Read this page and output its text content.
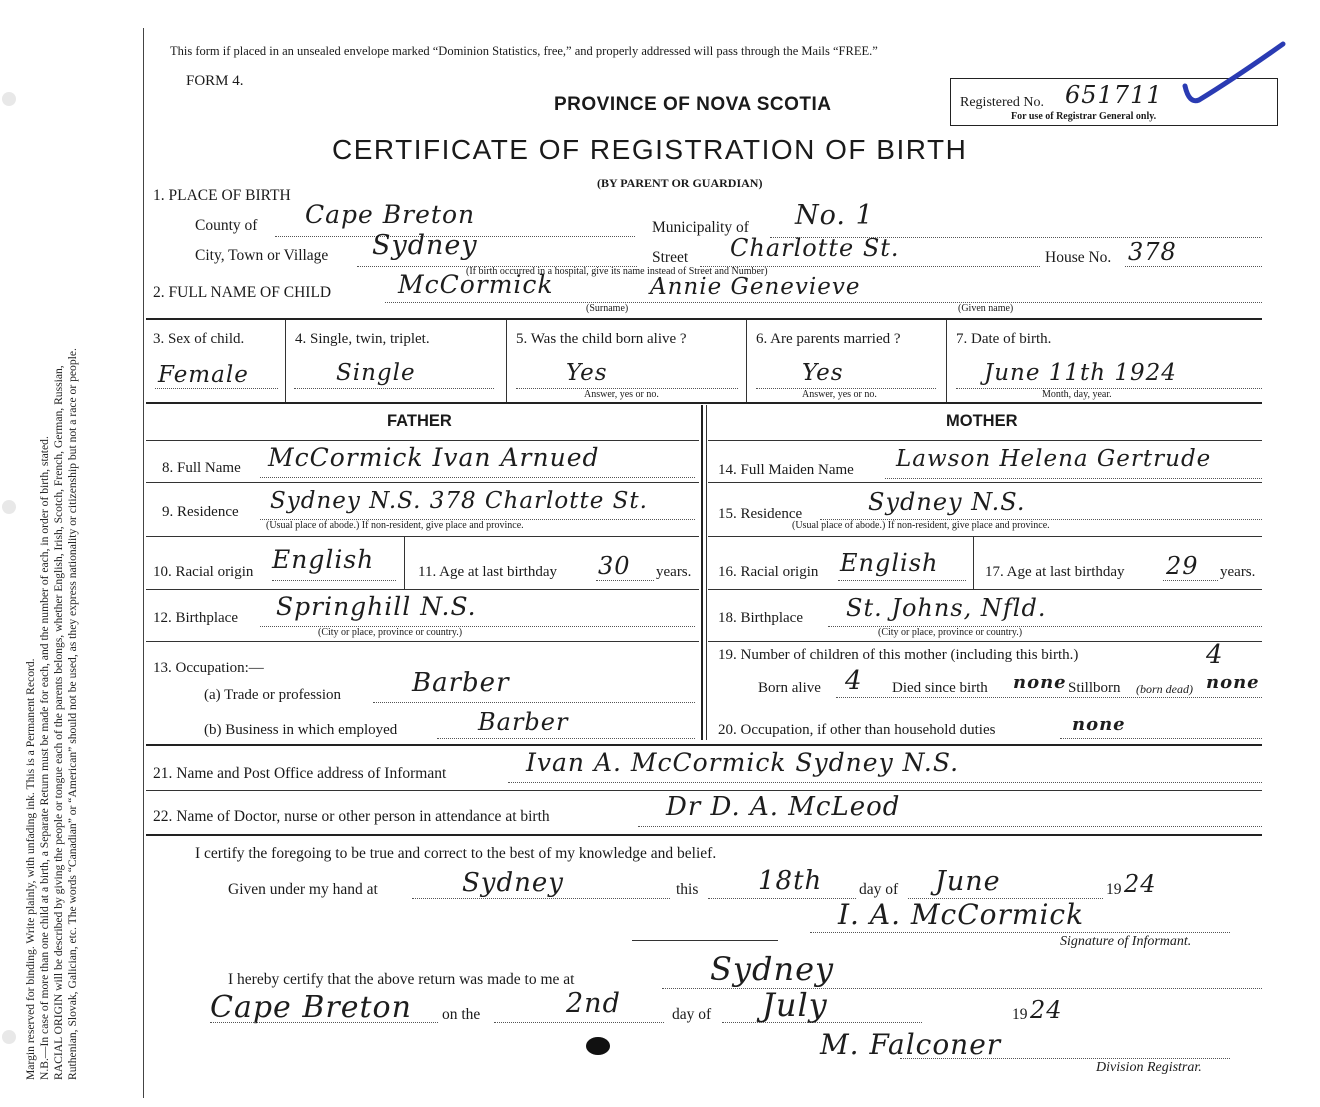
Margin reserved for binding. Write plainly, with unfading ink. This is a Permanent Record. N.B.—In case of more than one child at a birth, a Separate Return must be made for each, and the number of each, in order of birth, stated. RACIAL ORIGIN will be described by giving the people or tongue each of the parents belongs, whether English, Irish, Scotch, French, German, Russian, Ruthenian, Slovak, Galician, etc. The words “Canadian” or “American” should not be used, as they express nationality or citizenship but not a race or people.
This form if placed in an unsealed envelope marked “Dominion Statistics, free,” and properly addressed will pass through the Mails “FREE.”
FORM 4.
PROVINCE OF NOVA SCOTIA
CERTIFICATE OF REGISTRATION OF BIRTH
(BY PARENT OR GUARDIAN)
Registered No. 651711
For use of Registrar General only.
1. PLACE OF BIRTH
County of Cape Breton	Municipality of No. 1
City, Town or Village Sydney	Street Charlotte St.	House No. 378
(If birth occurred in a hospital, give its name instead of Street and Number)
2. FULL NAME OF CHILD	McCormick	Annie Genevieve
(Surname)	(Given name)
3. Sex of child.
Female
4. Single, twin, triplet.
Single
5. Was the child born alive ?
Yes
Answer, yes or no.
6. Are parents married ?
Yes
Answer, yes or no.
7. Date of birth.
June 11th 1924
Month, day, year.
FATHER	MOTHER
8. Full Name McCormick Ivan Arnued
9. Residence Sydney N.S. 378 Charlotte St.
(Usual place of abode.) If non-resident, give place and province.
10. Racial origin English	11. Age at last birthday 30 years.
12. Birthplace Springhill N.S.
(City or place, province or country.)
13. Occupation:—
(a) Trade or profession	Barber
(b) Business in which employed	Barber
14. Full Maiden Name Lawson Helena Gertrude
15. Residence	Sydney N.S.
(Usual place of abode.) If non-resident, give place and province.
16. Racial origin English	17. Age at last birthday 29 years.
18. Birthplace St. Johns, Nfld.
(City or place, province or country.)
19. Number of children of this mother (including this birth.)	4
Born alive 4 Died since birth none Stillborn (born dead) none
20. Occupation, if other than household duties	none
21. Name and Post Office address of Informant	Ivan A. McCormick Sydney N.S.
22. Name of Doctor, nurse or other person in attendance at birth	Dr D. A. McLeod
I certify the foregoing to be true and correct to the best of my knowledge and belief.
Given under my hand at	Sydney	this 18th day of June	19 24
I. A. McCormick
Signature of Informant.
I hereby certify that the above return was made to me at	Sydney
Cape Breton on the	2nd	day of July	19 24
M. Falconer
Division Registrar.
